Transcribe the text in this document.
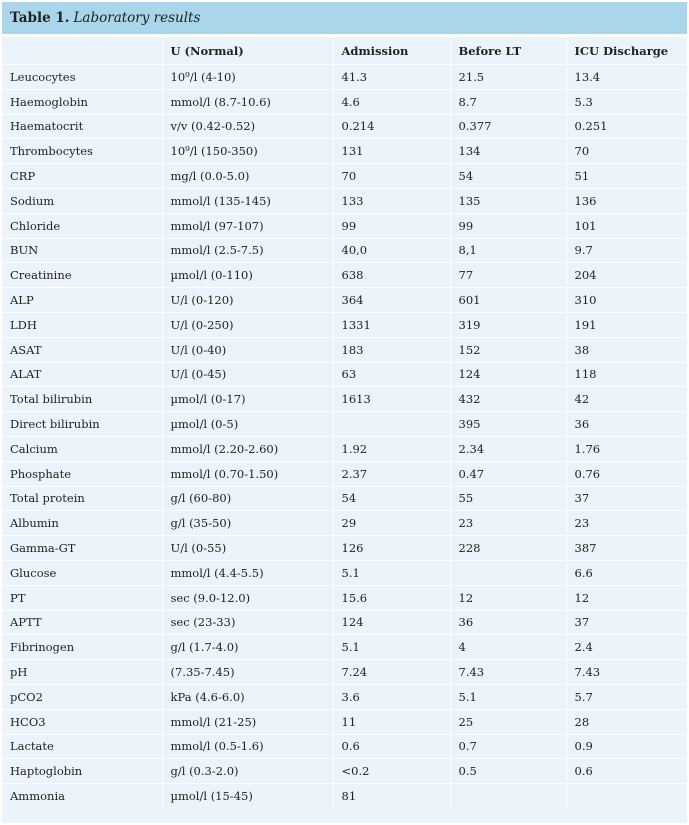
Table 1. Laboratory results
	U (Normal)	Admission	Before LT	ICU Discharge
Leucocytes	10⁹/l (4-10)	41.3	21.5	13.4
Haemoglobin	mmol/l (8.7-10.6)	4.6	8.7	5.3
Haematocrit	v/v (0.42-0.52)	0.214	0.377	0.251
Thrombocytes	10⁹/l (150-350)	131	134	70
CRP	mg/l (0.0-5.0)	70	54	51
Sodium	mmol/l (135-145)	133	135	136
Chloride	mmol/l (97-107)	99	99	101
BUN	mmol/l (2.5-7.5)	40,0	8,1	9.7
Creatinine	µmol/l (0-110)	638	77	204
ALP	U/l (0-120)	364	601	310
LDH	U/l (0-250)	1331	319	191
ASAT	U/l (0-40)	183	152	38
ALAT	U/l (0-45)	63	124	118
Total bilirubin	µmol/l (0-17)	1613	432	42
Direct bilirubin	µmol/l (0-5)		395	36
Calcium	mmol/l (2.20-2.60)	1.92	2.34	1.76
Phosphate	mmol/l (0.70-1.50)	2.37	0.47	0.76
Total protein	g/l (60-80)	54	55	37
Albumin	g/l (35-50)	29	23	23
Gamma-GT	U/l (0-55)	126	228	387
Glucose	mmol/l (4.4-5.5)	5.1		6.6
PT	sec (9.0-12.0)	15.6	12	12
APTT	sec (23-33)	124	36	37
Fibrinogen	g/l (1.7-4.0)	5.1	4	2.4
pH	(7.35-7.45)	7.24	7.43	7.43
pCO2	kPa (4.6-6.0)	3.6	5.1	5.7
HCO3	mmol/l (21-25)	11	25	28
Lactate	mmol/l (0.5-1.6)	0.6	0.7	0.9
Haptoglobin	g/l (0.3-2.0)	<0.2	0.5	0.6
Ammonia	µmol/l (15-45)	81		
